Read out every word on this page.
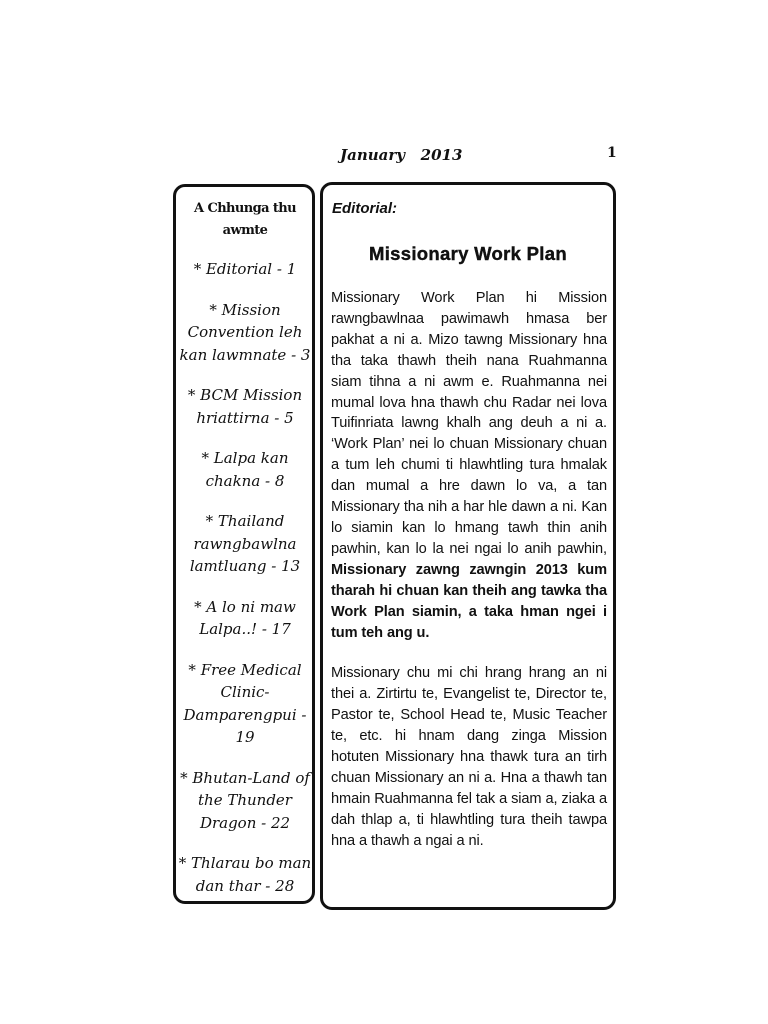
January   2013	1
A Chhunga thu
awmte
* Editorial - 1
* Mission Convention leh kan lawmnate - 3
* BCM Mission hriattirna - 5
* Lalpa kan chakna - 8
* Thailand rawngbawlna lamtluang - 13
* A lo ni maw Lalpa..! - 17
* Free Medical Clinic-Damparengpui - 19
* Bhutan-Land of the Thunder Dragon - 22
* Thlarau bo man dan thar - 28
Editorial:
Missionary Work Plan

Missionary Work Plan hi Mission rawngbawlnaa pawimawh hmasa ber pakhat a ni a. Mizo tawng Missionary hna tha taka thawh theih nana Ruahmanna siam tihna a ni awm e. Ruahmanna nei mumal lova hna thawh chu Radar nei lova Tuifinriata lawng khalh ang deuh a ni a. ‘Work Plan’ nei lo chuan Missionary chuan a tum leh chumi ti hlawhtling tura hmalak dan mumal a hre dawn lo va, a tan Missionary tha nih a har hle dawn a ni. Kan lo siamin kan lo hmang tawh thin anih pawhin, kan lo la nei ngai lo anih pawhin, Missionary zawng zawngin 2013 kum tharah hi chuan kan theih ang tawka tha Work Plan siamin, a taka hman ngei i tum teh ang u.

Missionary chu mi chi hrang hrang an ni thei a. Zirtirtu te, Evangelist te, Director te, Pastor te, School Head te, Music Teacher te, etc. hi hnam dang zinga Mission hotuten Missionary hna thawk tura an tirh chuan Missionary an ni a. Hna a thawh tan hmain Ruahmanna fel tak a siam a, ziaka a dah thlap a, ti hlawhtling tura theih tawpa hna a thawh a ngai a ni.
